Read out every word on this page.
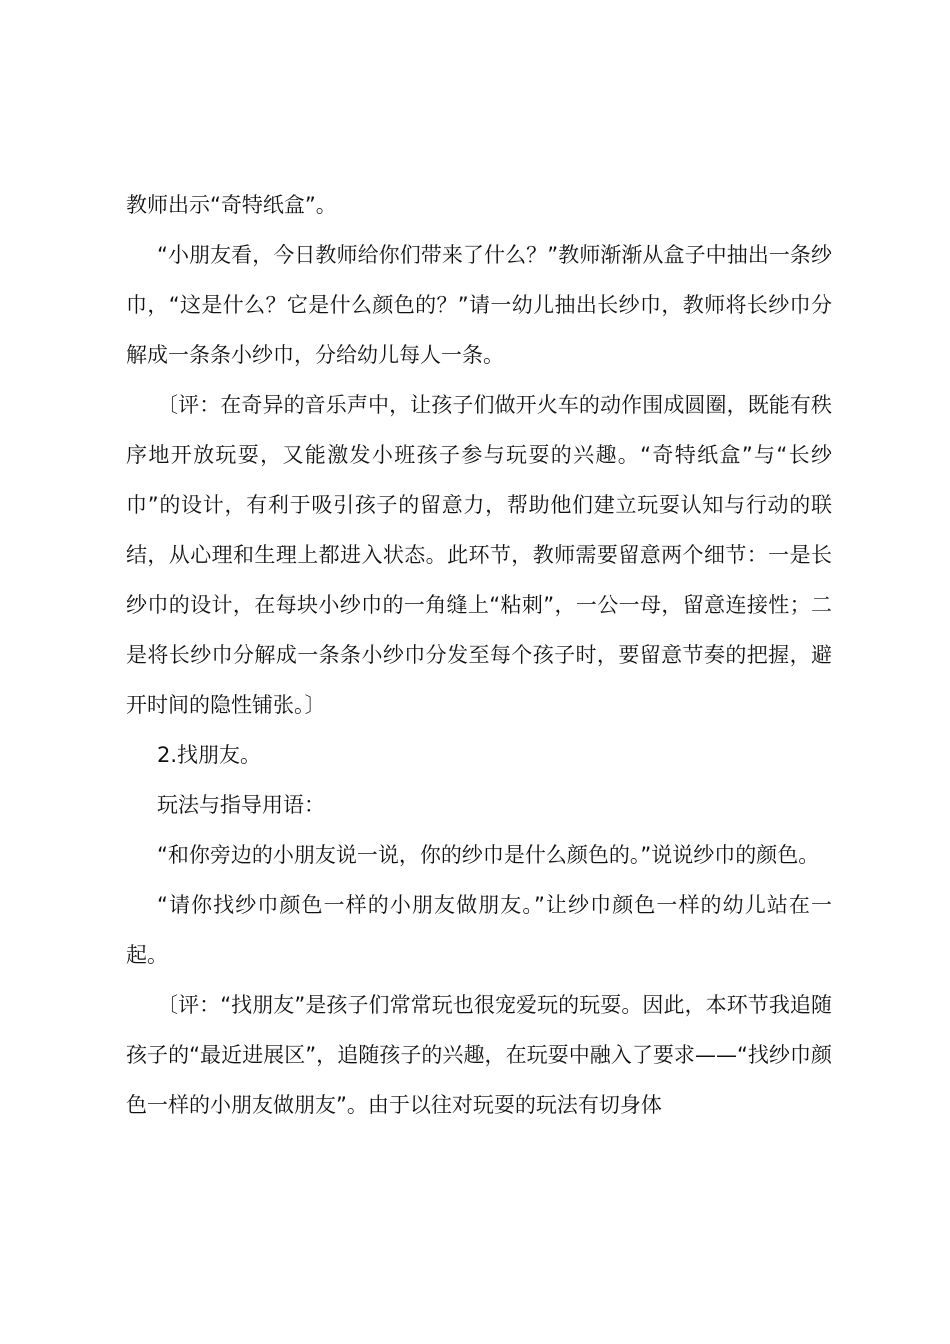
教师出示“奇特纸盒”。

“小朋友看，今日教师给你们带来了什么？”教师渐渐从盒子中抽出一条纱巾，“这是什么？它是什么颜色的？”请一幼儿抽出长纱巾，教师将长纱巾分解成一条条小纱巾，分给幼儿每人一条。

〔评：在奇异的音乐声中，让孩子们做开火车的动作围成圆圈，既能有秩序地开放玩耍，又能激发小班孩子参与玩耍的兴趣。“奇特纸盒”与“长纱巾”的设计，有利于吸引孩子的留意力，帮助他们建立玩耍认知与行动的联结，从心理和生理上都进入状态。此环节，教师需要留意两个细节：一是长纱巾的设计，在每块小纱巾的一角缝上“粘刺”，一公一母，留意连接性；二是将长纱巾分解成一条条小纱巾分发至每个孩子时，要留意节奏的把握，避开时间的隐性铺张。〕

2.找朋友。

玩法与指导用语：

“和你旁边的小朋友说一说，你的纱巾是什么颜色的。”说说纱巾的颜色。

“请你找纱巾颜色一样的小朋友做朋友。”让纱巾颜色一样的幼儿站在一起。

〔评：“找朋友”是孩子们常常玩也很宠爱玩的玩耍。因此，本环节我追随孩子的“最近进展区”，追随孩子的兴趣，在玩耍中融入了要求——“找纱巾颜色一样的小朋友做朋友”。由于以往对玩耍的玩法有切身体
